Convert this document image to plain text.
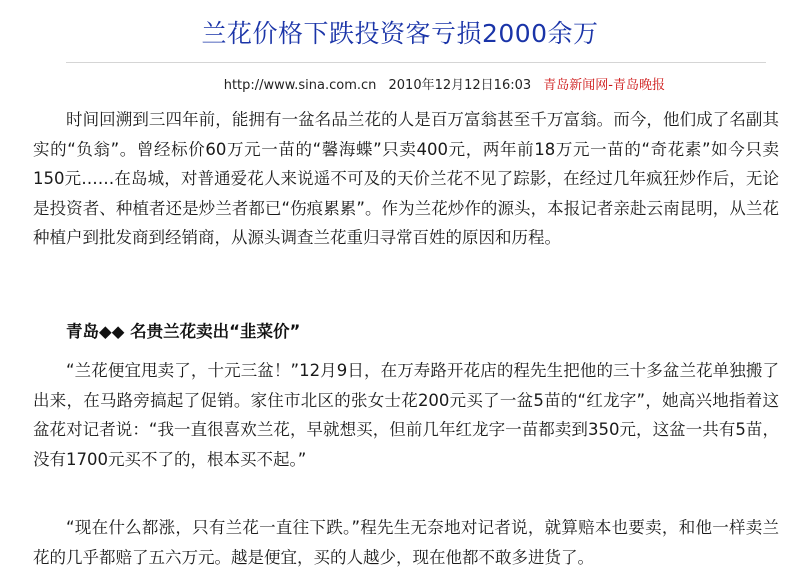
兰花价格下跌投资客亏损2000余万
http://www.sina.com.cn 2010年12月12日16:03 青岛新闻网-青岛晚报
时间回溯到三四年前，能拥有一盆名品兰花的人是百万富翁甚至千万富翁。而今，他们成了名副其实的“负翁”。曾经标价60万元一苗的“馨海蝶”只卖400元，两年前18万元一苗的“奇花素”如今只卖150元……在岛城，对普通爱花人来说遥不可及的天价兰花不见了踪影，在经过几年疯狂炒作后，无论是投资者、种植者还是炒兰者都已“伤痕累累”。作为兰花炒作的源头，本报记者亲赴云南昆明，从兰花种植户到批发商到经销商，从源头调查兰花重归寻常百姓的原因和历程。
青岛◆◆ 名贵兰花卖出“韭菜价”
“兰花便宜甩卖了，十元三盆！”12月9日，在万寿路开花店的程先生把他的三十多盆兰花单独搬了出来，在马路旁搞起了促销。家住市北区的张女士花200元买了一盆5苗的“红龙字”，她高兴地指着这盆花对记者说：“我一直很喜欢兰花，早就想买，但前几年红龙字一苗都卖到350元，这盆一共有5苗，没有1700元买不了的，根本买不起。”
“现在什么都涨，只有兰花一直往下跌。”程先生无奈地对记者说，就算赔本也要卖，和他一样卖兰花的几乎都赔了五六万元。越是便宜，买的人越少，现在他都不敢多进货了。
